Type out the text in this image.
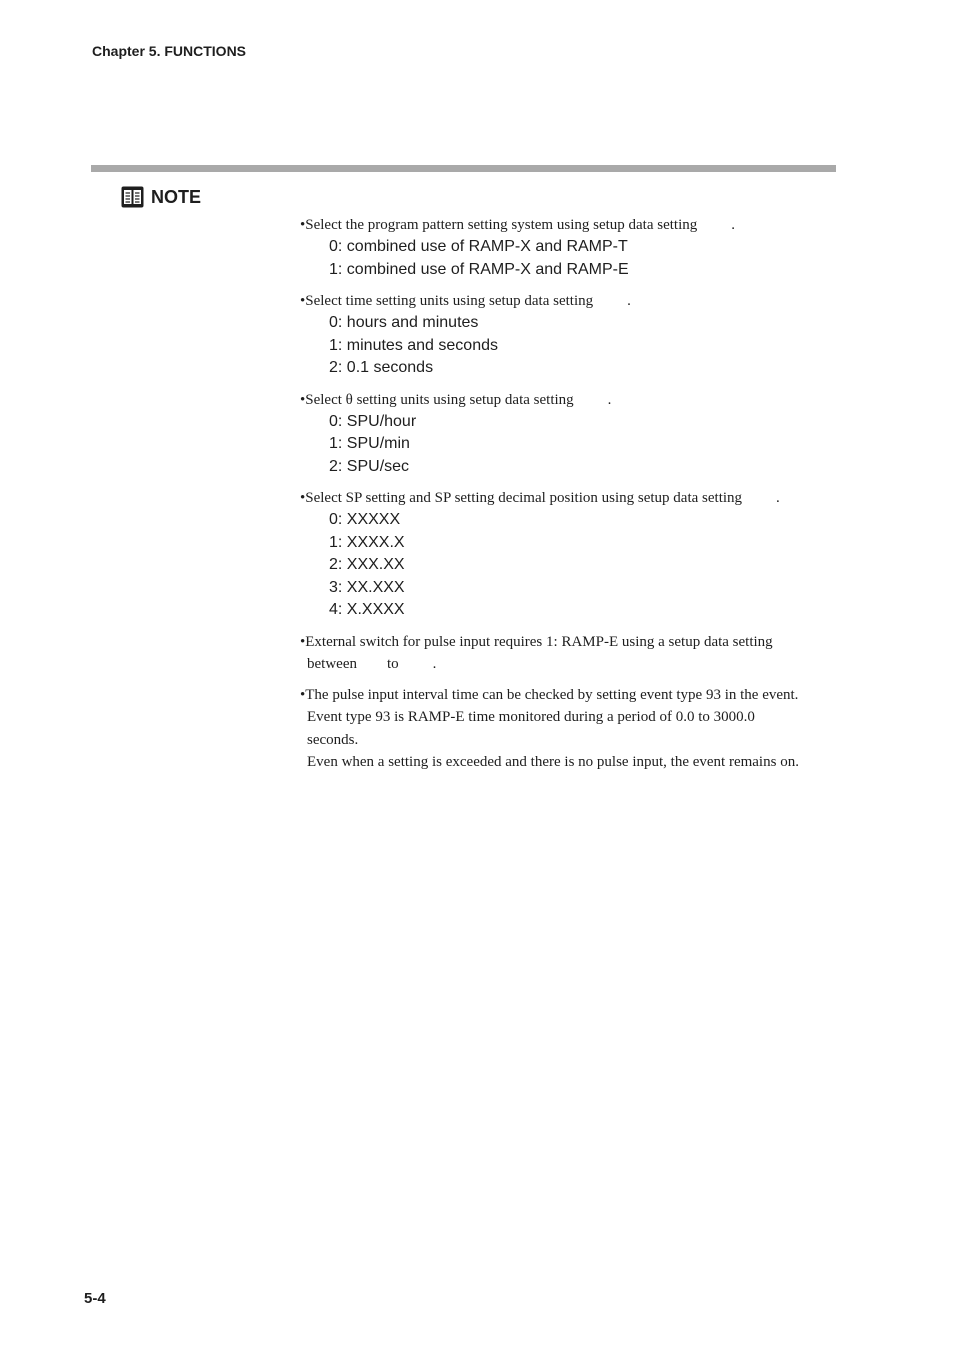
Chapter 5. FUNCTIONS
NOTE
•Select the program pattern setting system using setup data setting .
0: combined use of RAMP-X and RAMP-T
1: combined use of RAMP-X and RAMP-E
•Select time setting units using setup data setting .
0: hours and minutes
1: minutes and seconds
2: 0.1 seconds
•Select θ setting units using setup data setting .
0: SPU/hour
1: SPU/min
2: SPU/sec
•Select SP setting and SP setting decimal position using setup data setting .
0: XXXXX
1: XXXX.X
2: XXX.XX
3: XX.XXX
4: X.XXXX
•External switch for pulse input requires 1: RAMP-E using a setup data setting
between to .
•The pulse input interval time can be checked by setting event type 93 in the event.
Event type 93 is RAMP-E time monitored during a period of 0.0 to 3000.0
seconds.
Even when a setting is exceeded and there is no pulse input, the event remains on.
5-4
